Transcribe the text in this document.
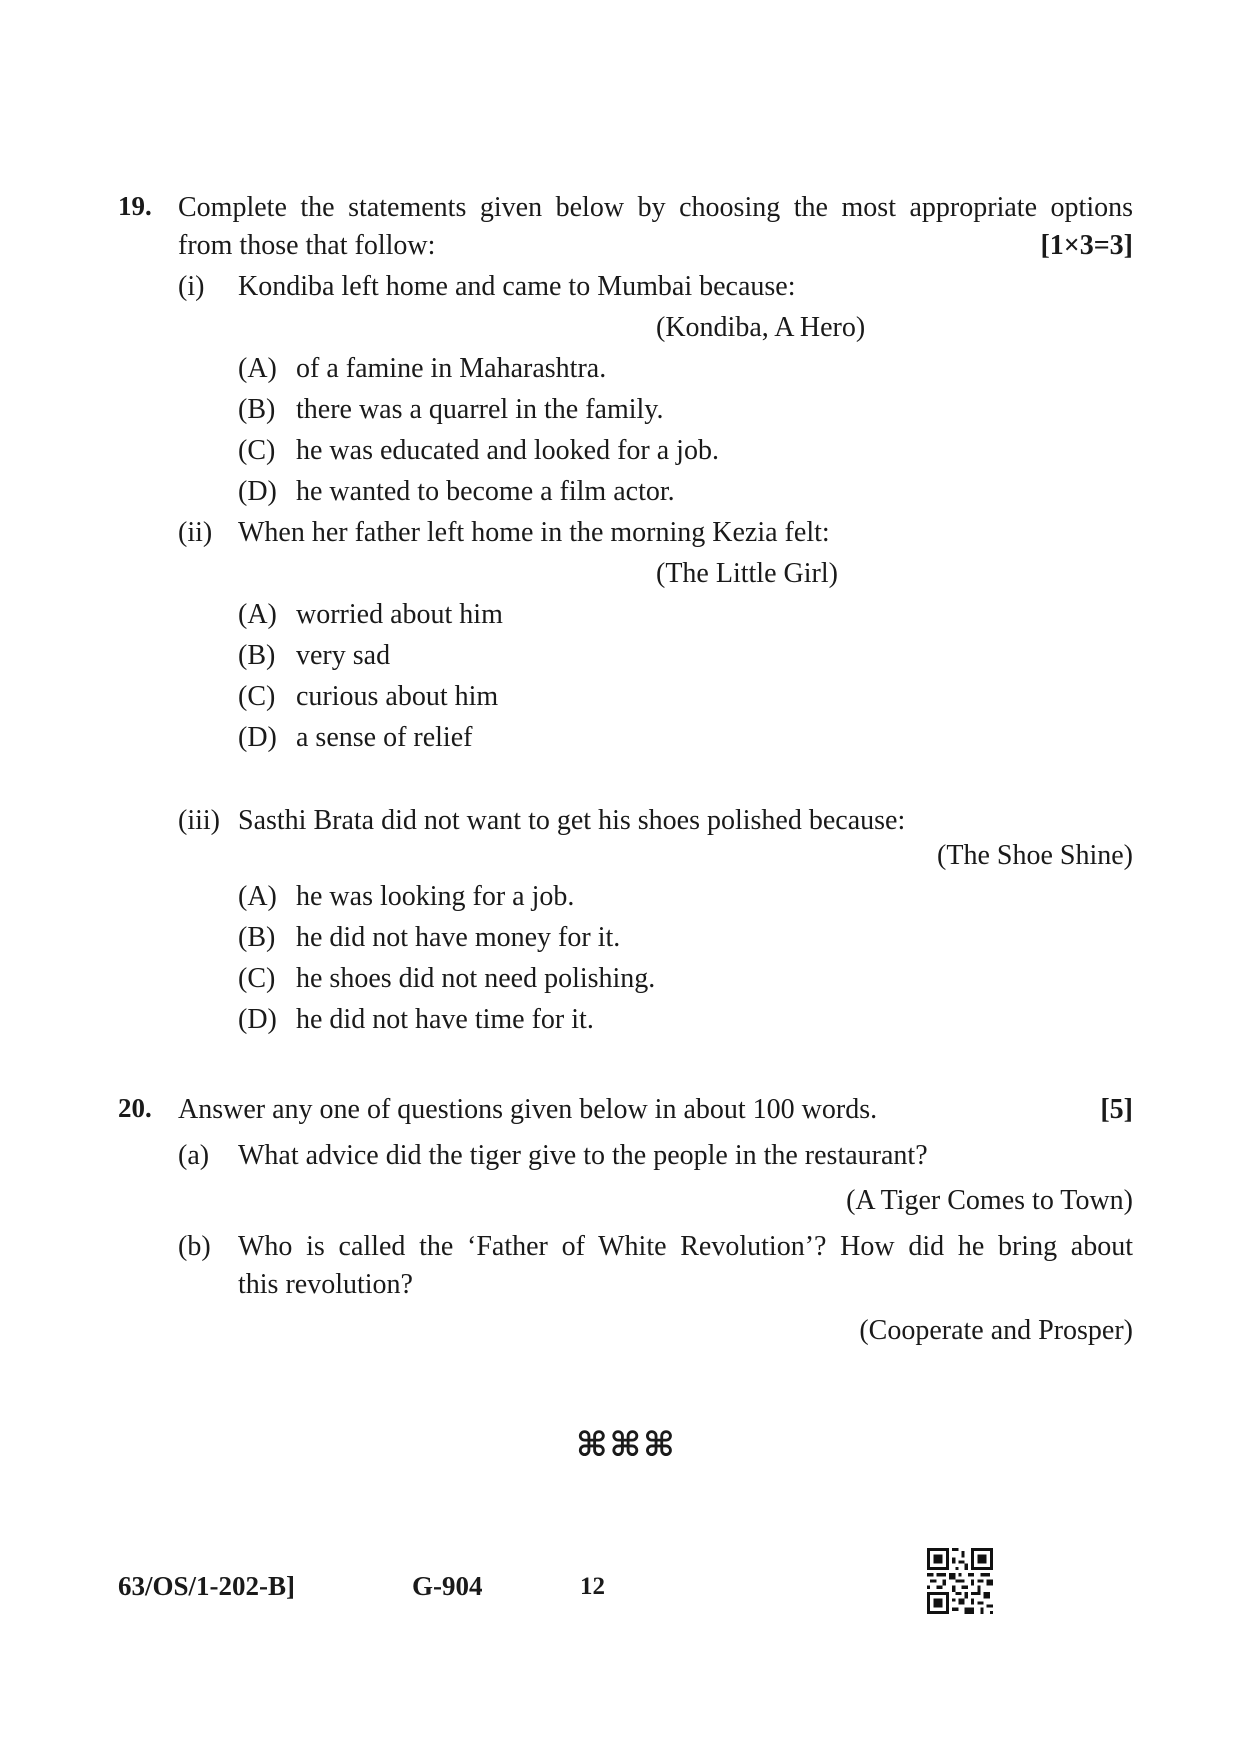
19. Complete the statements given below by choosing the most appropriate options
from those that follow:	[1×3=3]
(i) Kondiba left home and came to Mumbai because:
(Kondiba, A Hero)
(A) of a famine in Maharashtra.
(B) there was a quarrel in the family.
(C) he was educated and looked for a job.
(D) he wanted to become a film actor.
(ii) When her father left home in the morning Kezia felt:
(The Little Girl)
(A) worried about him
(B) very sad
(C) curious about him
(D) a sense of relief
(iii) Sasthi Brata did not want to get his shoes polished because:
(The Shoe Shine)
(A) he was looking for a job.
(B) he did not have money for it.
(C) he shoes did not need polishing.
(D) he did not have time for it.
20. Answer any one of questions given below in about 100 words.	[5]
(a) What advice did the tiger give to the people in the restaurant?
(A Tiger Comes to Town)
(b) Who is called the ‘Father of White Revolution’? How did he bring about
this revolution?
(Cooperate and Prosper)
⌘⌘⌘
63/OS/1-202-B]	G-904	12
